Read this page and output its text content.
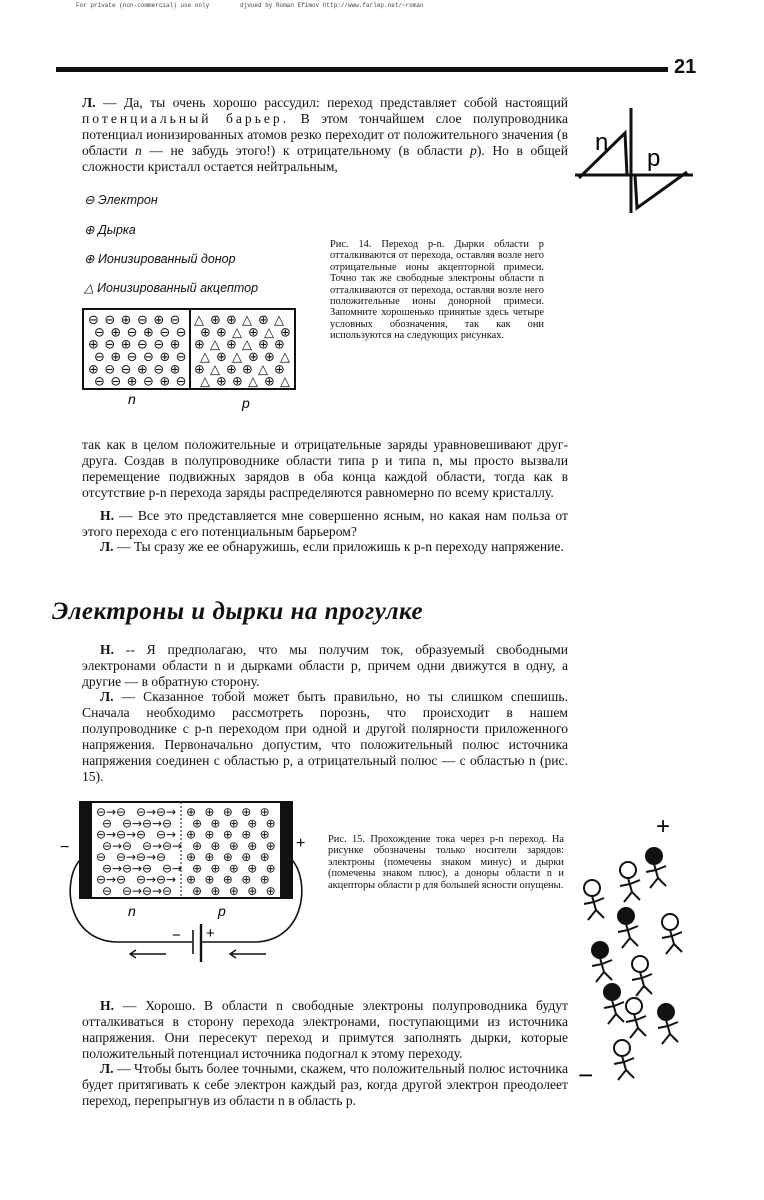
For private (non-commercial) use only	djvued by Roman Efimov http://www.farlep.net/~roman
21

Л. — Да, ты очень хорошо рассудил: переход представляет собой настоящий потенциальный барьер. В этом тончайшем слое полупроводника потенциал ионизированных атомов резко переходит от положительного значения (в области n — не забудь этого!) к отрицательному (в области p). Но в общей сложности кристалл остается нейтральным,

n
p
⊖ Электрон
⊕ Дырка
⊕ Ионизированный донор
△ Ионизированный акцептор
⊖ ⊖ ⊕ ⊖ ⊕ ⊖
⊖ ⊕ ⊖ ⊕ ⊖ ⊖
⊕ ⊖ ⊕ ⊖ ⊖ ⊕
⊖ ⊕ ⊖ ⊖ ⊕ ⊖
⊕ ⊖ ⊖ ⊕ ⊖ ⊕
⊖ ⊖ ⊕ ⊖ ⊕ ⊖
△ ⊕ ⊕ △ ⊕ △
⊕ ⊕ △ ⊕ △ ⊕
⊕ △ ⊕ △ ⊕ ⊕
△ ⊕ △ ⊕ ⊕ △
⊕ △ ⊕ ⊕ △ ⊕
△ ⊕ ⊕ △ ⊕ △
n	p

Рис. 14. Переход p-n. Дырки области p отталкиваются от перехода, оставляя возле него отрицательные ионы акцепторной примеси. Точно так же свободные электроны области n отталкиваются от перехода, оставляя возле него положительные ионы донорной примеси. Запомните хорошенько принятые здесь четыре условных обозначения, так как они используются на следующих рисунках.

так как в целом положительные и отрицательные заряды уравновешивают друг-друга. Создав в полупроводнике области типа p и типа n, мы просто вызвали перемещение подвижных зарядов в оба конца каждой области, тогда как в отсутствие p-n перехода заряды распределяются равномерно по всему кристаллу.

Н. — Все это представляется мне совершенно ясным, но какая нам польза от этого перехода с его потенциальным барьером?

Л. — Ты сразу же ее обнаружишь, если приложишь к p-n переходу напряжение.

Электроны и дырки на прогулке

Н. -- Я предполагаю, что мы получим ток, образуемый свободными электронами области n и дырками области p, причем одни движутся в одну, а другие — в обратную сторону.

Л. — Сказанное тобой может быть правильно, но ты слишком спешишь. Сначала необходимо рассмотреть порознь, что происходит в нашем полупроводнике с p-n переходом при одной и другой полярности приложенного напряжения. Первоначально допустим, что положительный полюс источника напряжения соединен с областью p, а отрицательный полюс — с областью n (рис. 15).

⊖→ ⊖ ⊖→ ⊖→
⊖ ⊖→ ⊖→ ⊖
⊖→ ⊖→ ⊖ ⊖→
⊖→ ⊖ ⊖→ ⊖→
⊖ ⊖→ ⊖→ ⊖
⊖→ ⊖→ ⊖ ⊖→
⊖→ ⊖ ⊖→ ⊖→
⊖ ⊖→ ⊖→ ⊖
⊕ ⊕ ⊕ ⊕ ⊕
⊕ ⊕ ⊕ ⊕ ⊕
⊕ ⊕ ⊕ ⊕ ⊕
⊕ ⊕ ⊕ ⊕ ⊕
⊕ ⊕ ⊕ ⊕ ⊕
⊕ ⊕ ⊕ ⊕ ⊕
⊕ ⊕ ⊕ ⊕ ⊕
⊕ ⊕ ⊕ ⊕ ⊕
−	+
n	p
− +

Рис. 15. Прохождение тока через p-n переход. На рисунке обозначены только носители зарядов: электроны (помечены знаком минус) и дырки (помечены знаком плюс), а доноры области n и акцепторы области p для большей ясности опущены.

+
−

Н. — Хорошо. В области n свободные электроны полупроводника будут отталкиваться в сторону перехода электронами, поступающими из источника напряжения. Они пересекут переход и примутся заполнять дырки, которые положительный потенциал источника подогнал к этому переходу.

Л. — Чтобы быть более точными, скажем, что положительный полюс источника будет притягивать к себе электрон каждый раз, когда другой электрон преодолеет переход, перепрыгнув из области n в область p.
